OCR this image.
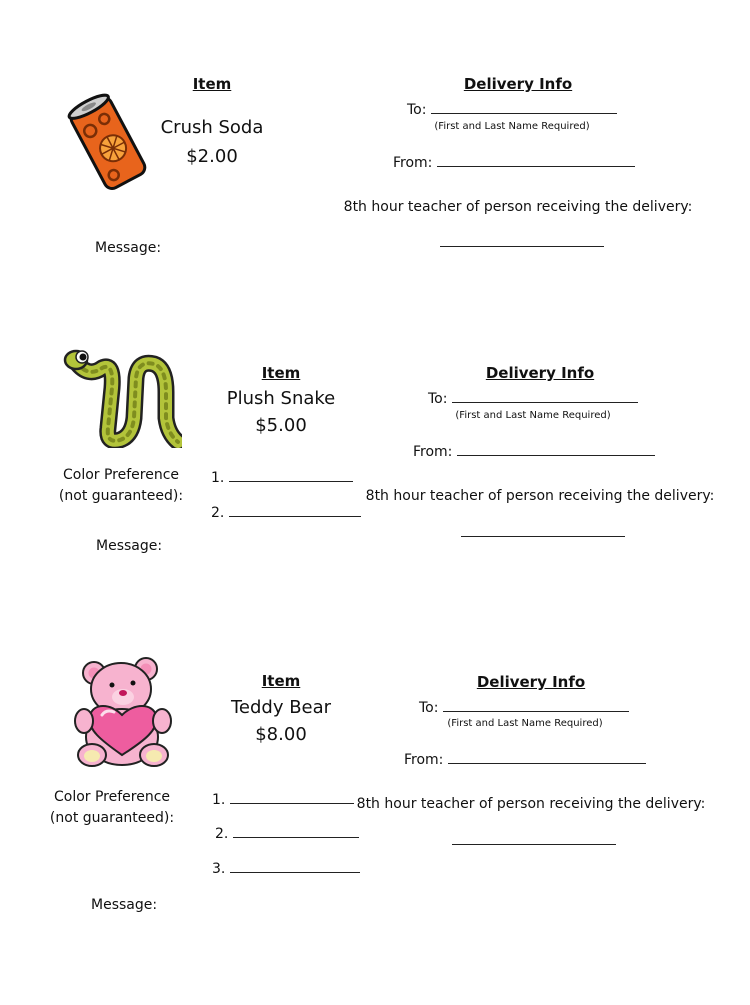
Item
Crush Soda
$2.00
Delivery Info
To:
(First and Last Name Required)
From:
8th hour teacher of person receiving the delivery:
Message:
Item
Plush Snake
$5.00
Color Preference
(not guaranteed):
1.
2.
Delivery Info
To:
(First and Last Name Required)
From:
8th hour teacher of person receiving the delivery:
Message:
Item
Teddy Bear
$8.00
Color Preference
(not guaranteed):
1.
2.
3.
Delivery Info
To:
(First and Last Name Required)
From:
8th hour teacher of person receiving the delivery:
Message:
